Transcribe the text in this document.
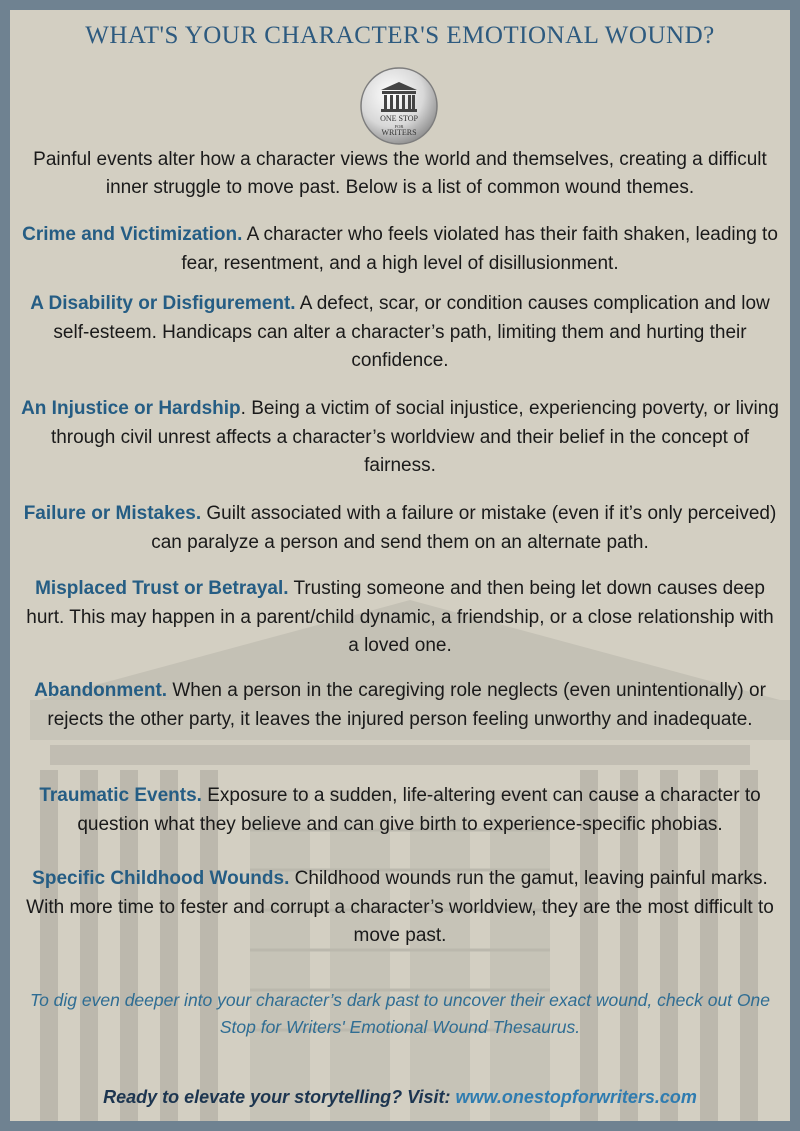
WHAT'S YOUR CHARACTER'S EMOTIONAL WOUND?
ONE STOP
FOR
WRITERS
Painful events alter how a character views the world and themselves, creating a difficult inner struggle to move past. Below is a list of common wound themes.
Crime and Victimization. A character who feels violated has their faith shaken, leading to fear, resentment, and a high level of disillusionment.
A Disability or Disfigurement. A defect, scar, or condition causes complication and low self-esteem. Handicaps can alter a character’s path, limiting them and hurting their confidence.
An Injustice or Hardship. Being a victim of social injustice, experiencing poverty, or living through civil unrest affects a character’s worldview and their belief in the concept of fairness.
Failure or Mistakes. Guilt associated with a failure or mistake (even if it’s only perceived) can paralyze a person and send them on an alternate path.
Misplaced Trust or Betrayal. Trusting someone and then being let down causes deep hurt. This may happen in a parent/child dynamic, a friendship, or a close relationship with a loved one.
Abandonment. When a person in the caregiving role neglects (even unintentionally) or rejects the other party, it leaves the injured person feeling unworthy and inadequate.
Traumatic Events. Exposure to a sudden, life-altering event can cause a character to question what they believe and can give birth to experience-specific phobias.
Specific Childhood Wounds. Childhood wounds run the gamut, leaving painful marks. With more time to fester and corrupt a character’s worldview, they are the most difficult to move past.
To dig even deeper into your character’s dark past to uncover their exact wound, check out One Stop for Writers' Emotional Wound Thesaurus.
Ready to elevate your storytelling? Visit: www.onestopforwriters.com
